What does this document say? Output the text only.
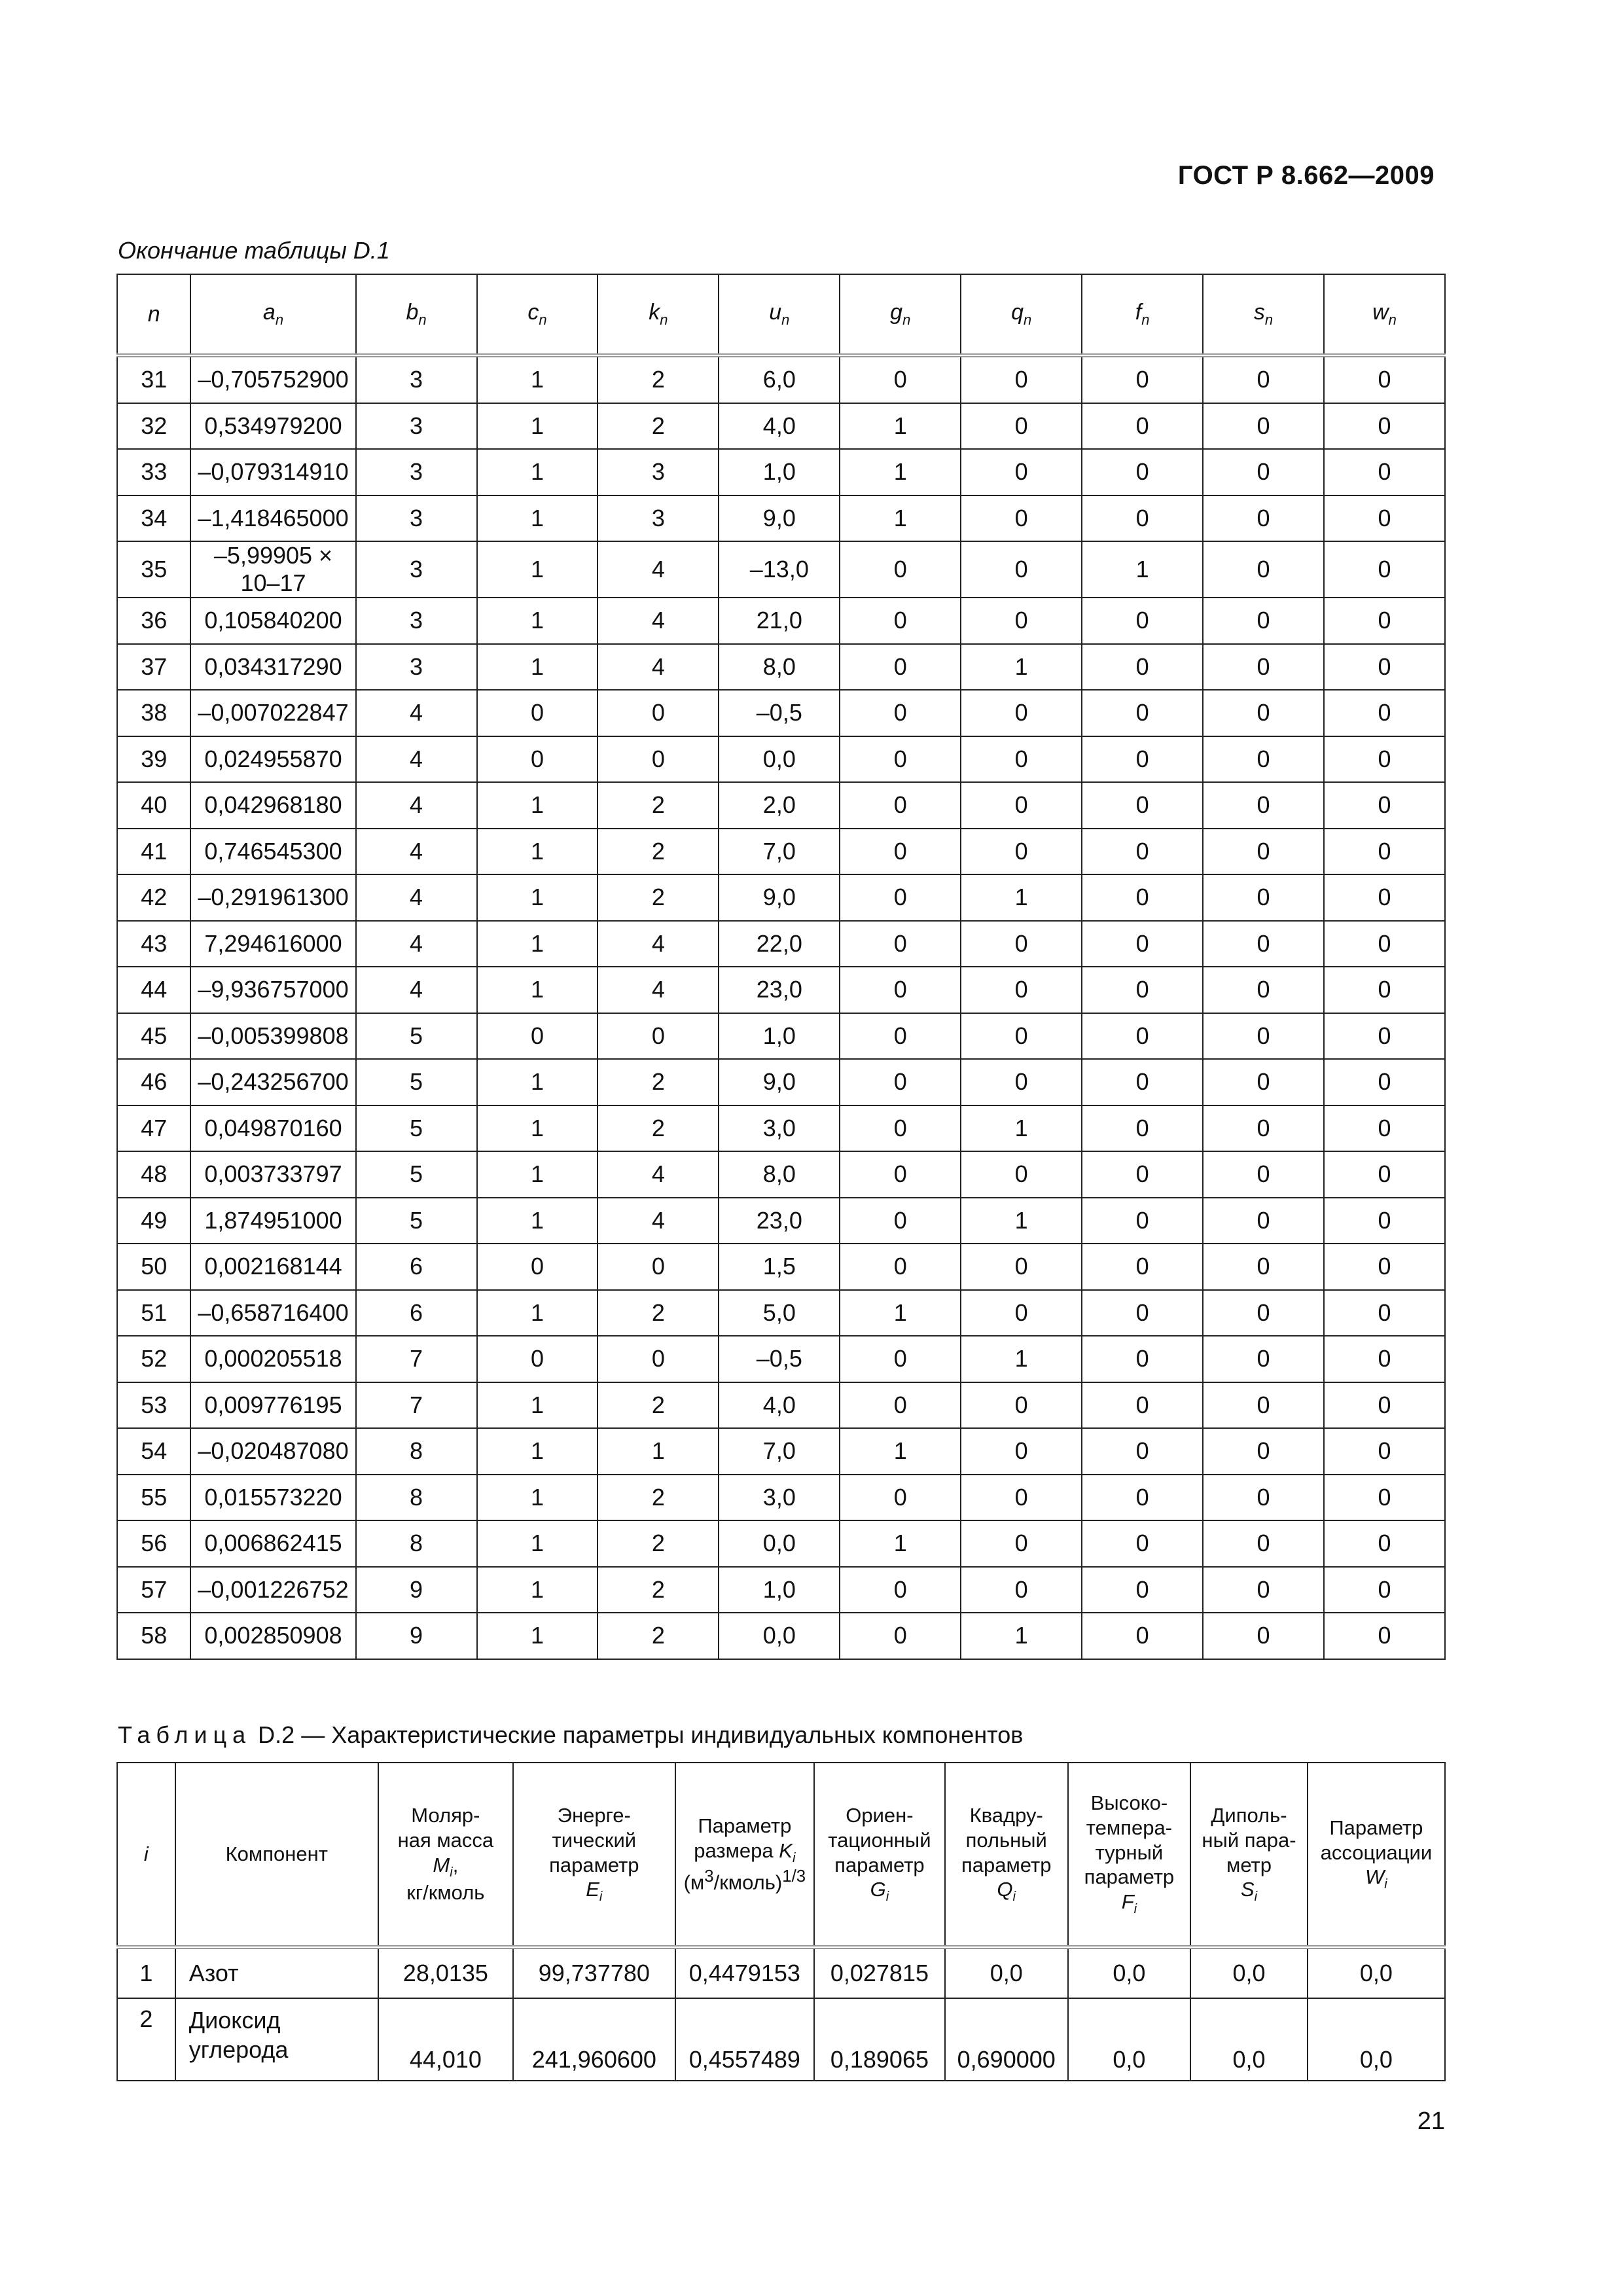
ГОСТ Р 8.662—2009
Окончание таблицы D.1
n	$a_n$	$b_n$	$c_n$	$k_n$	$u_n$	$g_n$	$q_n$	$f_n$	$s_n$	$w_n$
31	–0,705752900	3	1	2	6,0	0	0	0	0	0
32	0,534979200	3	1	2	4,0	1	0	0	0	0
33	–0,079314910	3	1	3	1,0	1	0	0	0	0
34	–1,418465000	3	1	3	9,0	1	0	0	0	0
35	–5,99905 × 10–17	3	1	4	–13,0	0	0	1	0	0
36	0,105840200	3	1	4	21,0	0	0	0	0	0
37	0,034317290	3	1	4	8,0	0	1	0	0	0
38	–0,007022847	4	0	0	–0,5	0	0	0	0	0
39	0,024955870	4	0	0	0,0	0	0	0	0	0
40	0,042968180	4	1	2	2,0	0	0	0	0	0
41	0,746545300	4	1	2	7,0	0	0	0	0	0
42	–0,291961300	4	1	2	9,0	0	1	0	0	0
43	7,294616000	4	1	4	22,0	0	0	0	0	0
44	–9,936757000	4	1	4	23,0	0	0	0	0	0
45	–0,005399808	5	0	0	1,0	0	0	0	0	0
46	–0,243256700	5	1	2	9,0	0	0	0	0	0
47	0,049870160	5	1	2	3,0	0	1	0	0	0
48	0,003733797	5	1	4	8,0	0	0	0	0	0
49	1,874951000	5	1	4	23,0	0	1	0	0	0
50	0,002168144	6	0	0	1,5	0	0	0	0	0
51	–0,658716400	6	1	2	5,0	1	0	0	0	0
52	0,000205518	7	0	0	–0,5	0	1	0	0	0
53	0,009776195	7	1	2	4,0	0	0	0	0	0
54	–0,020487080	8	1	1	7,0	1	0	0	0	0
55	0,015573220	8	1	2	3,0	0	0	0	0	0
56	0,006862415	8	1	2	0,0	1	0	0	0	0
57	–0,001226752	9	1	2	1,0	0	0	0	0	0
58	0,002850908	9	1	2	0,0	0	1	0	0	0
Таблица D.2 — Характеристические параметры индивидуальных компонентов
i	Компонент	Моляр-
ная масса
$M_i$,
кг/кмоль	Энерге-
тический
параметр
$E_i$	Параметр
размера $K_i$
$(м^3/кмоль)^{1/3}$	Ориен-
тационный
параметр
$G_i$	Квадру-
польный
параметр
$Q_i$	Высоко-
темпера-
турный
параметр
$F_i$	Диполь-
ный пара-
метр
$S_i$	Параметр
ассоциации
$W_i$
1	Азот	28,0135	99,737780	0,4479153	0,027815	0,0	0,0	0,0	0,0
2	Диоксид
углерода	44,010	241,960600	0,4557489	0,189065	0,690000	0,0	0,0	0,0
21
